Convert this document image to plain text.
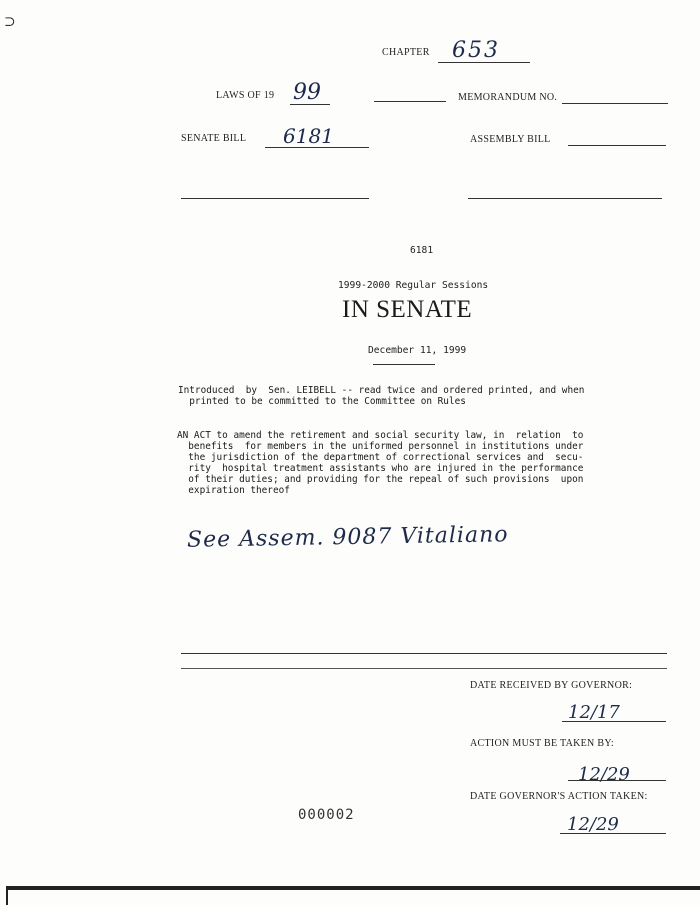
⊃
CHAPTER 653
LAWS OF 19 99	MEMORANDUM NO.
SENATE BILL 6181	ASSEMBLY BILL
6181
1999-2000 Regular Sessions
IN SENATE
December 11, 1999
Introduced  by  Sen. LEIBELL -- read twice and ordered printed, and when
printed to be committed to the Committee on Rules
AN ACT to amend the retirement and social security law, in  relation  to
benefits  for members in the uniformed personnel in institutions under
the jurisdiction of the department of correctional services and  secu-
rity  hospital treatment assistants who are injured in the performance
of their duties; and providing for the repeal of such provisions  upon
expiration thereof
See Assem. 9087 Vitaliano
DATE RECEIVED BY GOVERNOR:
12/17
ACTION MUST BE TAKEN BY:
12/29
DATE GOVERNOR'S ACTION TAKEN:
12/29
000002
